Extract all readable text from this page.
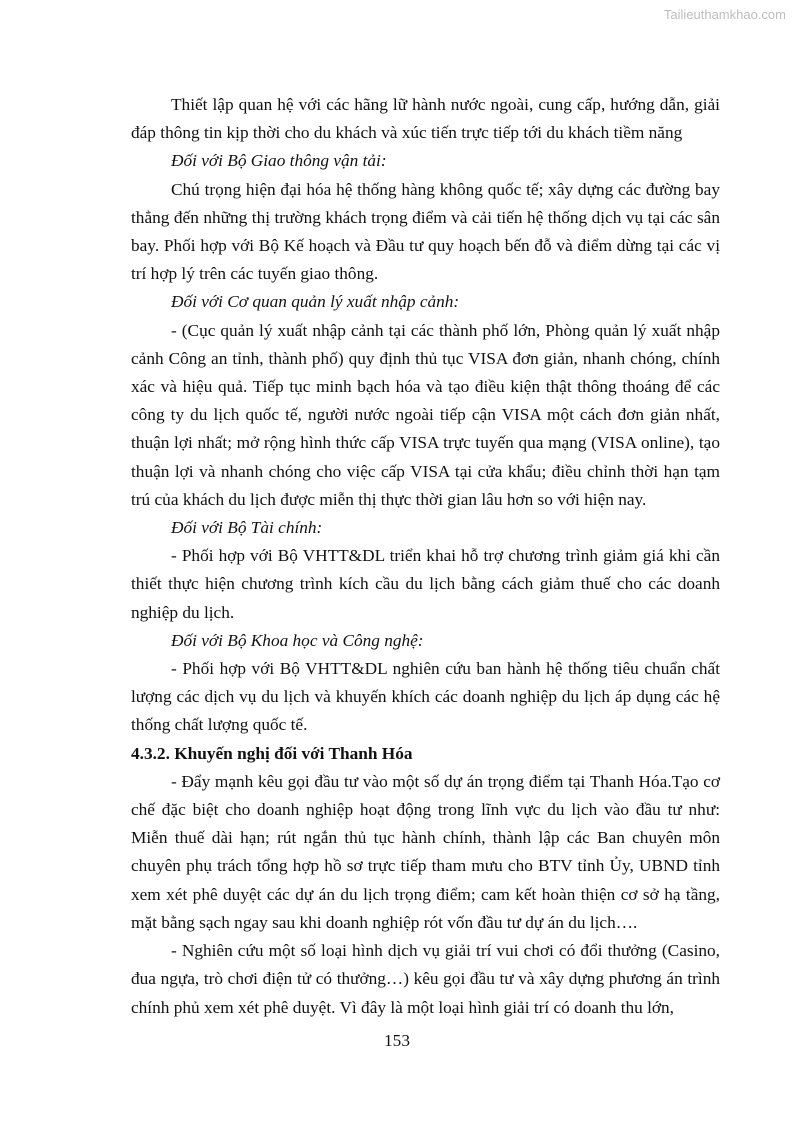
Tailieuthamkhao.com

Thiết lập quan hệ với các hãng lữ hành nước ngoài, cung cấp, hướng dẫn, giải đáp thông tin kịp thời cho du khách và xúc tiến trực tiếp tới du khách tiềm năng

Đối với Bộ Giao thông vận tải:

Chú trọng hiện đại hóa hệ thống hàng không quốc tế; xây dựng các đường bay thẳng đến những thị trường khách trọng điểm và cải tiến hệ thống dịch vụ tại các sân bay. Phối hợp với Bộ Kế hoạch và Đầu tư quy hoạch bến đỗ và điểm dừng tại các vị trí hợp lý trên các tuyến giao thông.

Đối với Cơ quan quản lý xuất nhập cảnh:

- (Cục quản lý xuất nhập cảnh tại các thành phố lớn, Phòng quản lý xuất nhập cảnh Công an tỉnh, thành phố) quy định thủ tục VISA đơn giản, nhanh chóng, chính xác và hiệu quả. Tiếp tục minh bạch hóa và tạo điều kiện thật thông thoáng để các công ty du lịch quốc tế, người nước ngoài tiếp cận VISA một cách đơn giản nhất, thuận lợi nhất; mở rộng hình thức cấp VISA trực tuyến qua mạng (VISA online), tạo thuận lợi và nhanh chóng cho việc cấp VISA tại cửa khẩu; điều chỉnh thời hạn tạm trú của khách du lịch được miễn thị thực thời gian lâu hơn so với hiện nay.

Đối với Bộ Tài chính:

- Phối hợp với Bộ VHTT&DL triển khai hỗ trợ chương trình giảm giá khi cần thiết thực hiện chương trình kích cầu du lịch bằng cách giảm thuế cho các doanh nghiệp du lịch.

Đối với Bộ Khoa học và Công nghệ:

- Phối hợp với Bộ VHTT&DL nghiên cứu ban hành hệ thống tiêu chuẩn chất lượng các dịch vụ du lịch và khuyến khích các doanh nghiệp du lịch áp dụng các hệ thống chất lượng quốc tế.

4.3.2. Khuyến nghị đối với Thanh Hóa

- Đẩy mạnh kêu gọi đầu tư vào một số dự án trọng điểm tại Thanh Hóa.Tạo cơ chế đặc biệt cho doanh nghiệp hoạt động trong lĩnh vực du lịch vào đầu tư như: Miễn thuế dài hạn; rút ngắn thủ tục hành chính, thành lập các Ban chuyên môn chuyên phụ trách tổng hợp hồ sơ trực tiếp tham mưu cho BTV tỉnh Ủy, UBND tỉnh xem xét phê duyệt các dự án du lịch trọng điểm; cam kết hoàn thiện cơ sở hạ tầng, mặt bằng sạch ngay sau khi doanh nghiệp rót vốn đầu tư dự án du lịch….

- Nghiên cứu một số loại hình dịch vụ giải trí vui chơi có đổi thưởng (Casino, đua ngựa, trò chơi điện tử có thưởng…) kêu gọi đầu tư và xây dựng phương án trình chính phủ xem xét phê duyệt. Vì đây là một loại hình giải trí có doanh thu lớn,

153
